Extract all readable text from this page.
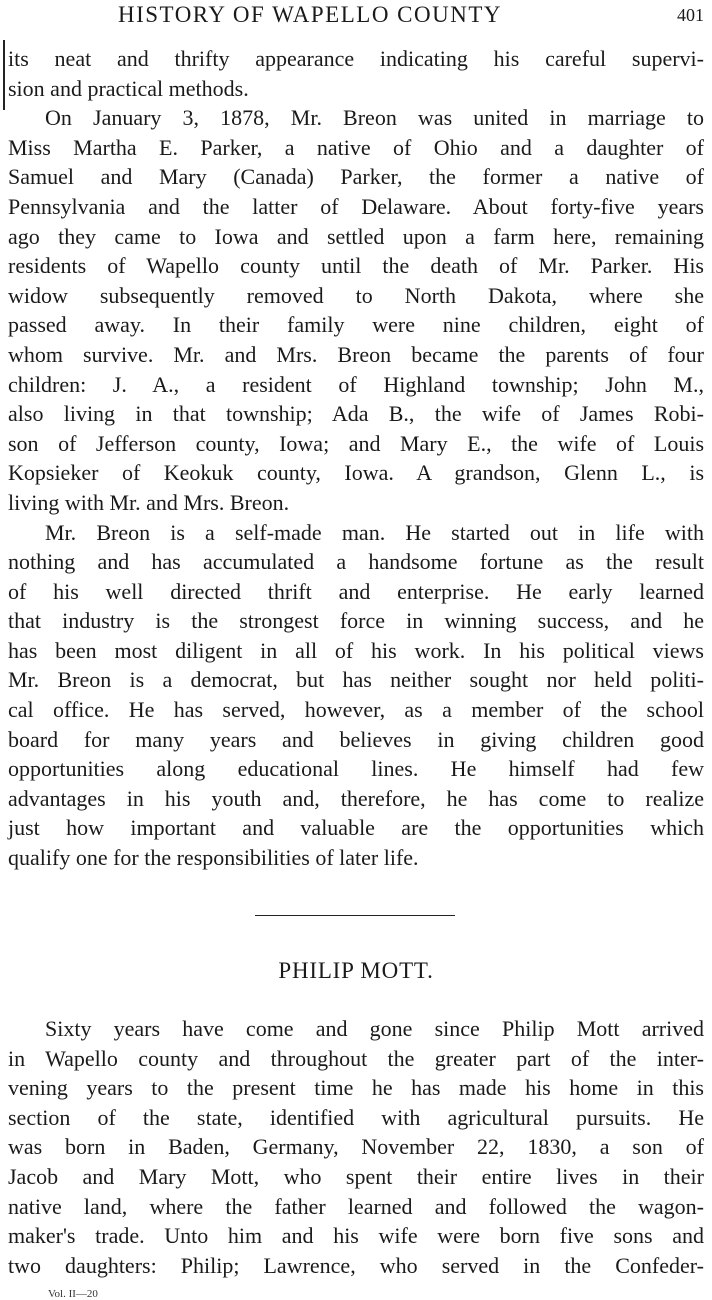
HISTORY OF WAPELLO COUNTY	401

its neat and thrifty appearance indicating his careful supervi-

sion and practical methods.

On January 3, 1878, Mr. Breon was united in marriage to

Miss Martha E. Parker, a native of Ohio and a daughter of

Samuel and Mary (Canada) Parker, the former a native of

Pennsylvania and the latter of Delaware. About forty-five years

ago they came to Iowa and settled upon a farm here, remaining

residents of Wapello county until the death of Mr. Parker. His

widow subsequently removed to North Dakota, where she

passed away. In their family were nine children, eight of

whom survive. Mr. and Mrs. Breon became the parents of four

children: J. A., a resident of Highland township; John M.,

also living in that township; Ada B., the wife of James Robi-

son of Jefferson county, Iowa; and Mary E., the wife of Louis

Kopsieker of Keokuk county, Iowa. A grandson, Glenn L., is

living with Mr. and Mrs. Breon.

Mr. Breon is a self-made man. He started out in life with

nothing and has accumulated a handsome fortune as the result

of his well directed thrift and enterprise. He early learned

that industry is the strongest force in winning success, and he

has been most diligent in all of his work. In his political views

Mr. Breon is a democrat, but has neither sought nor held politi-

cal office. He has served, however, as a member of the school

board for many years and believes in giving children good

opportunities along educational lines. He himself had few

advantages in his youth and, therefore, he has come to realize

just how important and valuable are the opportunities which

qualify one for the responsibilities of later life.

PHILIP MOTT.

Sixty years have come and gone since Philip Mott arrived

in Wapello county and throughout the greater part of the inter-

vening years to the present time he has made his home in this

section of the state, identified with agricultural pursuits. He

was born in Baden, Germany, November 22, 1830, a son of

Jacob and Mary Mott, who spent their entire lives in their

native land, where the father learned and followed the wagon-

maker's trade. Unto him and his wife were born five sons and

two daughters: Philip; Lawrence, who served in the Confeder-

Vol. II—20
